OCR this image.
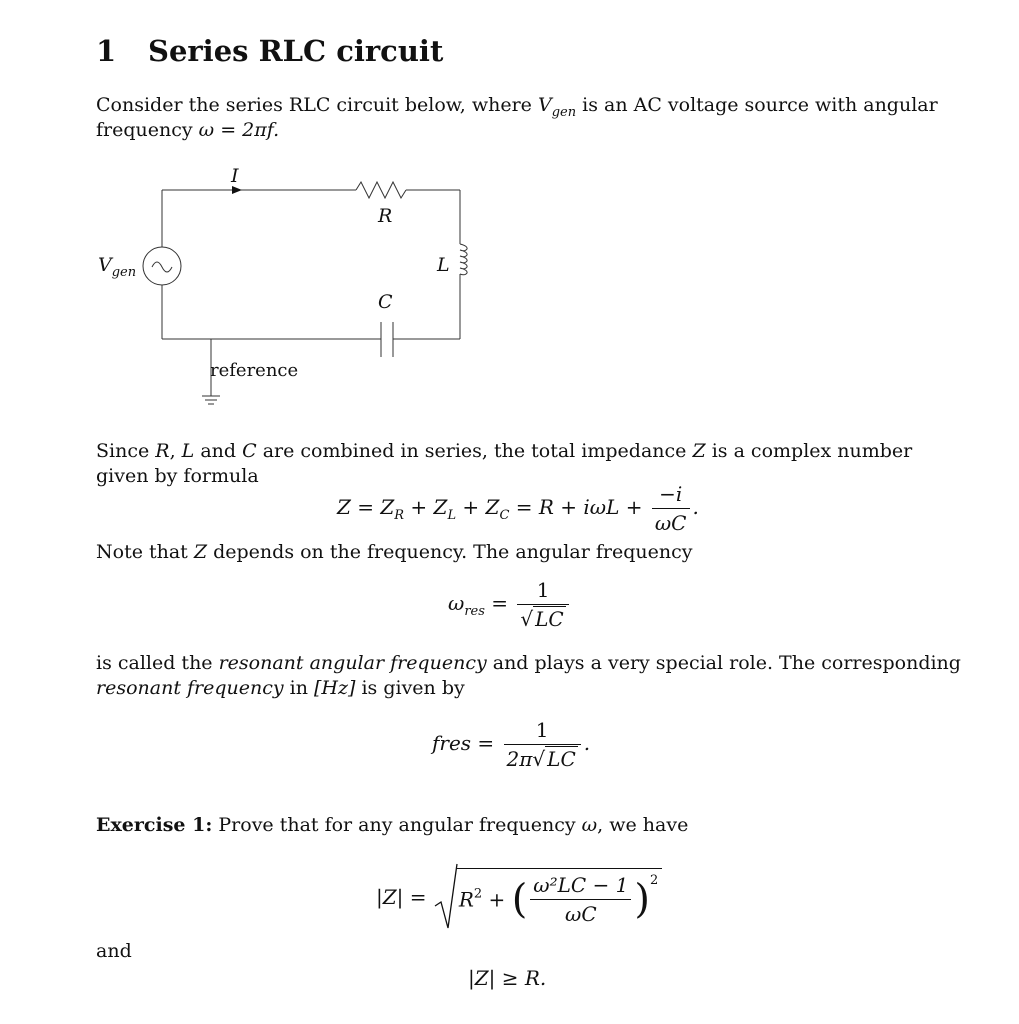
1 Series RLC circuit
Consider the series RLC circuit below, where $V_{gen}$ is an AC voltage source with angular
frequency ω = 2πf.
I
R
L
C
$V_{gen}$
reference
Since R, L and C are combined in series, the total impedance Z is a complex number
given by formula
$Z = Z_R + Z_L + Z_C = R + i\omega L + \frac{-i}{\omega C}$ .
Note that Z depends on the frequency. The angular frequency
$\omega_{res} = \frac{1}{√ LC}$
is called the resonant angular frequency and plays a very special role. The corresponding
resonant frequency in [Hz] is given by
fres = $\frac{1}{2\pi√ LC}$ .
Exercise 1: Prove that for any angular frequency ω, we have
$|Z| = R^2$ + ( $\frac{\text{ω²LC − 1}}{\omega C} )^2$
and
|Z| ≥ R.
